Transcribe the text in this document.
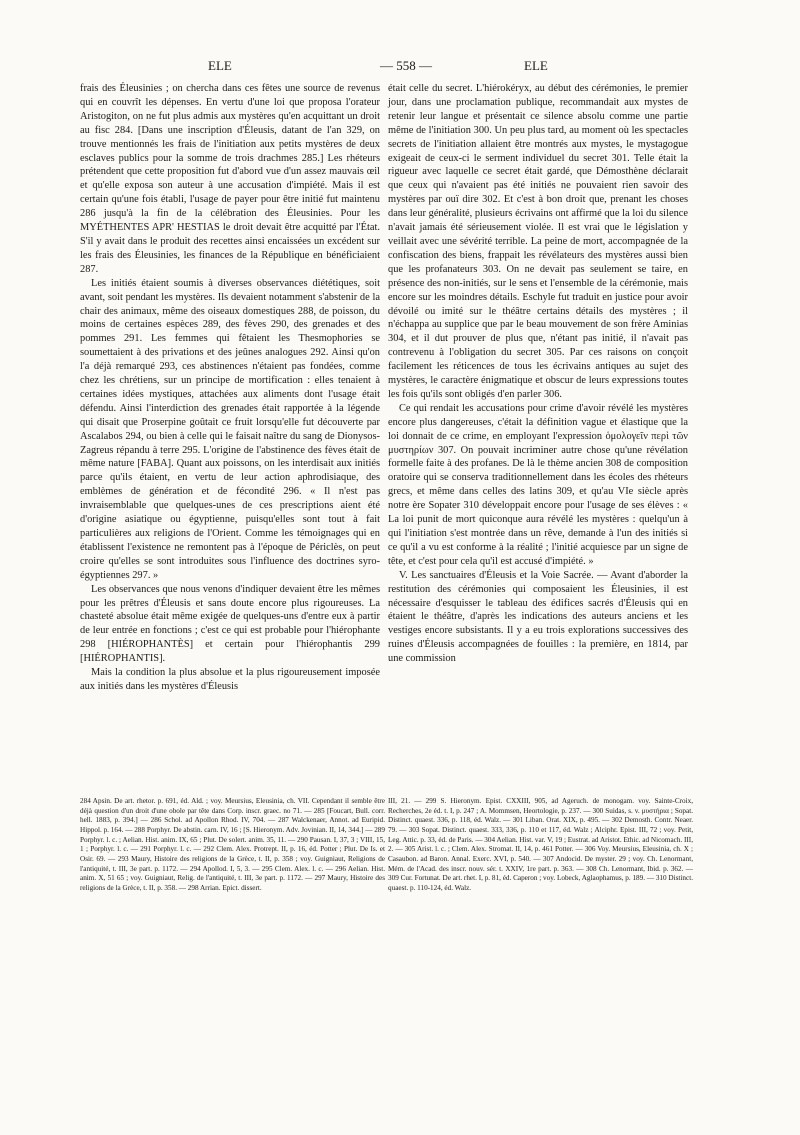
ELE	— 558 —	ELE

frais des Éleusinies ; on chercha dans ces fêtes une source de revenus qui en couvrît les dépenses. En vertu d'une loi que proposa l'orateur Aristogiton, on ne fut plus admis aux mystères qu'en acquittant un droit au fisc 284. [Dans une inscription d'Éleusis, datant de l'an 329, on trouve mentionnés les frais de l'initiation aux petits mystères de deux esclaves publics pour la somme de trois drachmes 285.] Les rhéteurs prétendent que cette proposition fut d'abord vue d'un assez mauvais œil et qu'elle exposa son auteur à une accusation d'impiété. Mais il est certain qu'une fois établi, l'usage de payer pour être initié fut maintenu 286 jusqu'à la fin de la célébration des Éleusinies. Pour les MYÉTHENTES APR' HESTIAS le droit devait être acquitté par l'État. S'il y avait dans le produit des recettes ainsi encaissées un excédent sur les frais des Éleusinies, les finances de la République en bénéficiaient 287.

Les initiés étaient soumis à diverses observances diététiques, soit avant, soit pendant les mystères. Ils devaient notamment s'abstenir de la chair des animaux, même des oiseaux domestiques 288, de poisson, du moins de certaines espèces 289, des fèves 290, des grenades et des pommes 291. Les femmes qui fêtaient les Thesmophories se soumettaient à des privations et des jeûnes analogues 292. Ainsi qu'on l'a déjà remarqué 293, ces abstinences n'étaient pas fondées, comme chez les chrétiens, sur un principe de mortification : elles tenaient à certaines idées mystiques, attachées aux aliments dont l'usage était défendu. Ainsi l'interdiction des grenades était rapportée à la légende qui disait que Proserpine goûtait ce fruit lorsqu'elle fut découverte par Ascalabos 294, ou bien à celle qui le faisait naître du sang de Dionysos-Zagreus répandu à terre 295. L'origine de l'abstinence des fèves était de même nature [FABA]. Quant aux poissons, on les interdisait aux initiés parce qu'ils étaient, en vertu de leur action aphrodisiaque, des emblèmes de génération et de fécondité 296. « Il n'est pas invraisemblable que quelques-unes de ces prescriptions aient été d'origine asiatique ou égyptienne, puisqu'elles sont tout à fait particulières aux religions de l'Orient. Comme les témoignages qui en établissent l'existence ne remontent pas à l'époque de Périclès, on peut croire qu'elles se sont introduites sous l'influence des doctrines syro-égyptiennes 297. »

Les observances que nous venons d'indiquer devaient être les mêmes pour les prêtres d'Éleusis et sans doute encore plus rigoureuses. La chasteté absolue était même exigée de quelques-uns d'entre eux à partir de leur entrée en fonctions ; c'est ce qui est probable pour l'hiérophante 298 [HIÉROPHANTÈS] et certain pour l'hiérophantis 299 [HIÉROPHANTIS].

Mais la condition la plus absolue et la plus rigoureusement imposée aux initiés dans les mystères d'Éleusis

était celle du secret. L'hiérokéryx, au début des cérémonies, le premier jour, dans une proclamation publique, recommandait aux mystes de retenir leur langue et présentait ce silence absolu comme une partie même de l'initiation 300. Un peu plus tard, au moment où les spectacles secrets de l'initiation allaient être montrés aux mystes, le mystagogue exigeait de ceux-ci le serment individuel du secret 301. Telle était la rigueur avec laquelle ce secret était gardé, que Démosthène déclarait que ceux qui n'avaient pas été initiés ne pouvaient rien savoir des mystères par ouï dire 302. Et c'est à bon droit que, prenant les choses dans leur généralité, plusieurs écrivains ont affirmé que la loi du silence n'avait jamais été sérieusement violée. Il est vrai que le législation y veillait avec une sévérité terrible. La peine de mort, accompagnée de la confiscation des biens, frappait les révélateurs des mystères aussi bien que les profanateurs 303. On ne devait pas seulement se taire, en présence des non-initiés, sur le sens et l'ensemble de la cérémonie, mais encore sur les moindres détails. Eschyle fut traduit en justice pour avoir dévoilé ou imité sur le théâtre certains détails des mystères ; il n'échappa au supplice que par le beau mouvement de son frère Aminias 304, et il dut prouver de plus que, n'étant pas initié, il n'avait pas contrevenu à l'obligation du secret 305. Par ces raisons on conçoit facilement les réticences de tous les écrivains antiques au sujet des mystères, le caractère énigmatique et obscur de leurs expressions toutes les fois qu'ils sont obligés d'en parler 306.

Ce qui rendait les accusations pour crime d'avoir révélé les mystères encore plus dangereuses, c'était la définition vague et élastique que la loi donnait de ce crime, en employant l'expression ὁμολογεῖν περὶ τῶν μυστηρίων 307. On pouvait incriminer autre chose qu'une révélation formelle faite à des profanes. De là le thème ancien 308 de composition oratoire qui se conserva traditionnellement dans les écoles des rhéteurs grecs, et même dans celles des latins 309, et qu'au VIe siècle après notre ère Sopater 310 développait encore pour l'usage de ses élèves : « La loi punit de mort quiconque aura révélé les mystères : quelqu'un à qui l'initiation s'est montrée dans un rêve, demande à l'un des initiés si ce qu'il a vu est conforme à la réalité ; l'initié acquiesce par un signe de tête, et c'est pour cela qu'il est accusé d'impiété. »

V. Les sanctuaires d'Éleusis et la Voie Sacrée. — Avant d'aborder la restitution des cérémonies qui composaient les Éleusinies, il est nécessaire d'esquisser le tableau des édifices sacrés d'Éleusis qui en étaient le théâtre, d'après les indications des auteurs anciens et les vestiges encore subsistants. Il y a eu trois explorations successives des ruines d'Éleusis accompagnées de fouilles : la première, en 1814, par une commission

284 Apsin. De art. rhetor. p. 691, éd. Ald. ; voy. Meursius, Eleusinia, ch. VII. Cependant il semble être déjà question d'un droit d'une obole par tête dans Corp. inscr. graec. no 71. — 285 [Foucart, Bull. corr. hell. 1883, p. 394.] — 286 Schol. ad Apollon Rhod. IV, 704. — 287 Walckenaer, Annot. ad Euripid. Hippol. p. 164. — 288 Porphyr. De abstin. carn. IV, 16 ; [S. Hieronym. Adv. Jovinian. II, 14, 344.] — 289 Porphyr. l. c. ; Aelian. Hist. anim. IX, 65 ; Plut. De solert. anim. 35, 11. — 290 Pausan. I, 37, 3 ; VIII, 15, 1 ; Porphyr. l. c. — 291 Porphyr. l. c. — 292 Clem. Alex. Protrept. II, p. 16, éd. Potter ; Plut. De Is. et Osir. 69. — 293 Maury, Histoire des religions de la Grèce, t. II, p. 358 ; voy. Guigniaut, Religions de l'antiquité, t. III, 3e part. p. 1172. — 294 Apollod. I, 5, 3. — 295 Clem. Alex. l. c. — 296 Aelian. Hist. anim. X, 51 65 ; voy. Guigniaut, Relig. de l'antiquité, t. III, 3e part. p. 1172. — 297 Maury, Histoire des religions de la Grèce, t. II, p. 358. — 298 Arrian. Epict. dissert.

III, 21. — 299 S. Hieronym. Epist. CXXIII, 905, ad Ageruch. de monogam. voy. Sainte-Croix, Recherches, 2e éd. t. I, p. 247 ; A. Mommsen, Heortologie, p. 237. — 300 Suidas, s. v. μυστήρια ; Sopat. Distinct. quaest. 336, p. 118, éd. Walz. — 301 Liban. Orat. XIX, p. 495. — 302 Demosth. Contr. Neaer. 79. — 303 Sopat. Distinct. quaest. 333, 336, p. 110 et 117, éd. Walz ; Alciphr. Epist. III, 72 ; voy. Petit, Leg. Attic. p. 33, éd. de Paris. — 304 Aelian. Hist. var. V, 19 ; Eustrat. ad Aristot. Ethic. ad Nicomach. III, 2. — 305 Arist. l. c. ; Clem. Alex. Stromat. II, 14, p. 461 Potter. — 306 Voy. Meursius, Eleusinia, ch. X ; Casaubon. ad Baron. Annal. Exerc. XVI, p. 540. — 307 Andocid. De myster. 29 ; voy. Ch. Lenormant, Mém. de l'Acad. des inscr. nouv. sér. t. XXIV, 1re part. p. 363. — 308 Ch. Lenormant, Ibid. p. 362. — 309 Cur. Fortunat. De art. rhet. I, p. 81, éd. Caperon ; voy. Lobeck, Aglaophamus, p. 189. — 310 Distinct. quaest. p. 110-124, éd. Walz.
